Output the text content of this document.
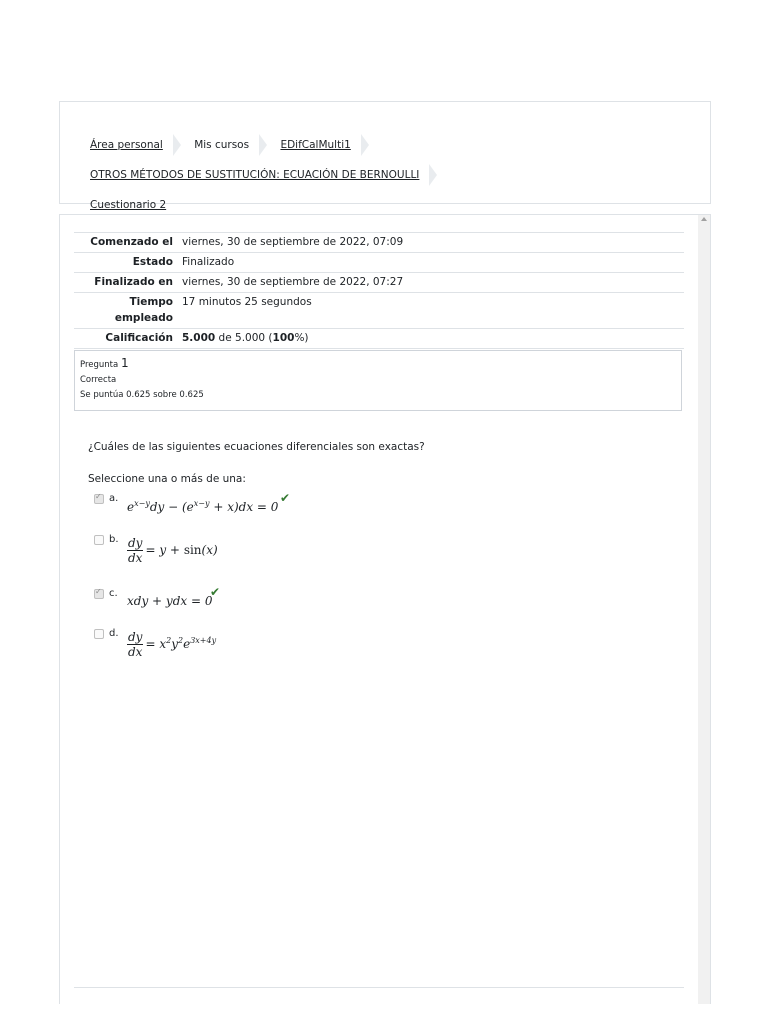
Área personal	Mis cursos	EDifCalMulti1 OTROS MÉTODOS DE SUSTITUCIÓN: ECUACIÓN DE BERNOULLI
Cuestionario 2
Comenzado el	viernes, 30 de septiembre de 2022, 07:09
Estado	Finalizado
Finalizado en	viernes, 30 de septiembre de 2022, 07:27
Tiempo empleado	17 minutos 25 segundos
Calificación	5.000 de 5.000 (100%)
Pregunta 1
Correcta
Se puntúa 0.625 sobre 0.625
¿Cuáles de las siguientes ecuaciones diferenciales son exactas?
Seleccione una o más de una:
✓
a.
$e^{x-y}dy - (e^{x-y} + x)dx = 0$
✔
b. $\frac{dy}{dx} = y + \sin(x)$
✓
c.
xdy + ydx = 0
✔
d. $\frac{dy}{dx} = x^2y^2e^{3x+4y}$
